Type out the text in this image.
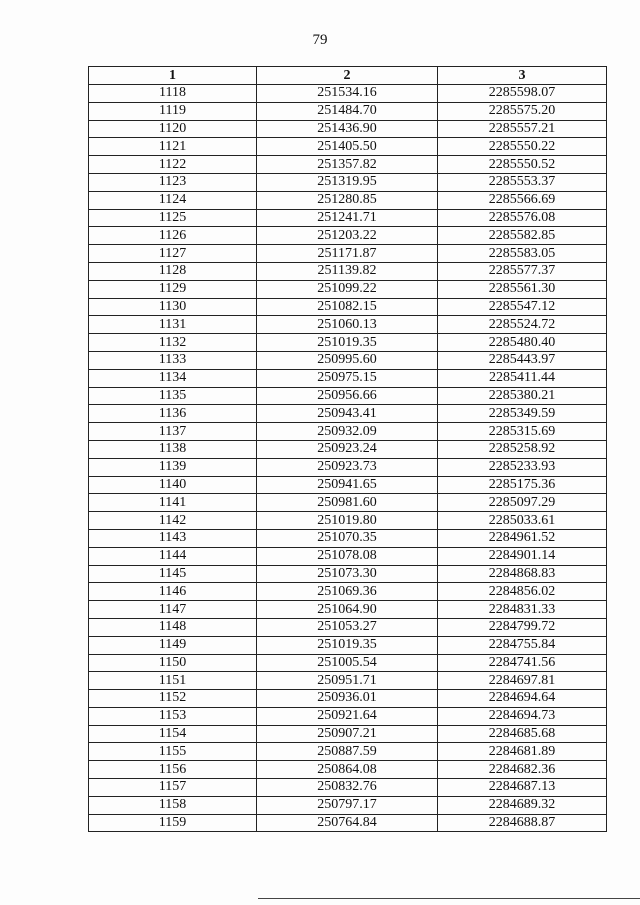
79
1	2	3
1118	251534.16	2285598.07
1119	251484.70	2285575.20
1120	251436.90	2285557.21
1121	251405.50	2285550.22
1122	251357.82	2285550.52
1123	251319.95	2285553.37
1124	251280.85	2285566.69
1125	251241.71	2285576.08
1126	251203.22	2285582.85
1127	251171.87	2285583.05
1128	251139.82	2285577.37
1129	251099.22	2285561.30
1130	251082.15	2285547.12
1131	251060.13	2285524.72
1132	251019.35	2285480.40
1133	250995.60	2285443.97
1134	250975.15	2285411.44
1135	250956.66	2285380.21
1136	250943.41	2285349.59
1137	250932.09	2285315.69
1138	250923.24	2285258.92
1139	250923.73	2285233.93
1140	250941.65	2285175.36
1141	250981.60	2285097.29
1142	251019.80	2285033.61
1143	251070.35	2284961.52
1144	251078.08	2284901.14
1145	251073.30	2284868.83
1146	251069.36	2284856.02
1147	251064.90	2284831.33
1148	251053.27	2284799.72
1149	251019.35	2284755.84
1150	251005.54	2284741.56
1151	250951.71	2284697.81
1152	250936.01	2284694.64
1153	250921.64	2284694.73
1154	250907.21	2284685.68
1155	250887.59	2284681.89
1156	250864.08	2284682.36
1157	250832.76	2284687.13
1158	250797.17	2284689.32
1159	250764.84	2284688.87
